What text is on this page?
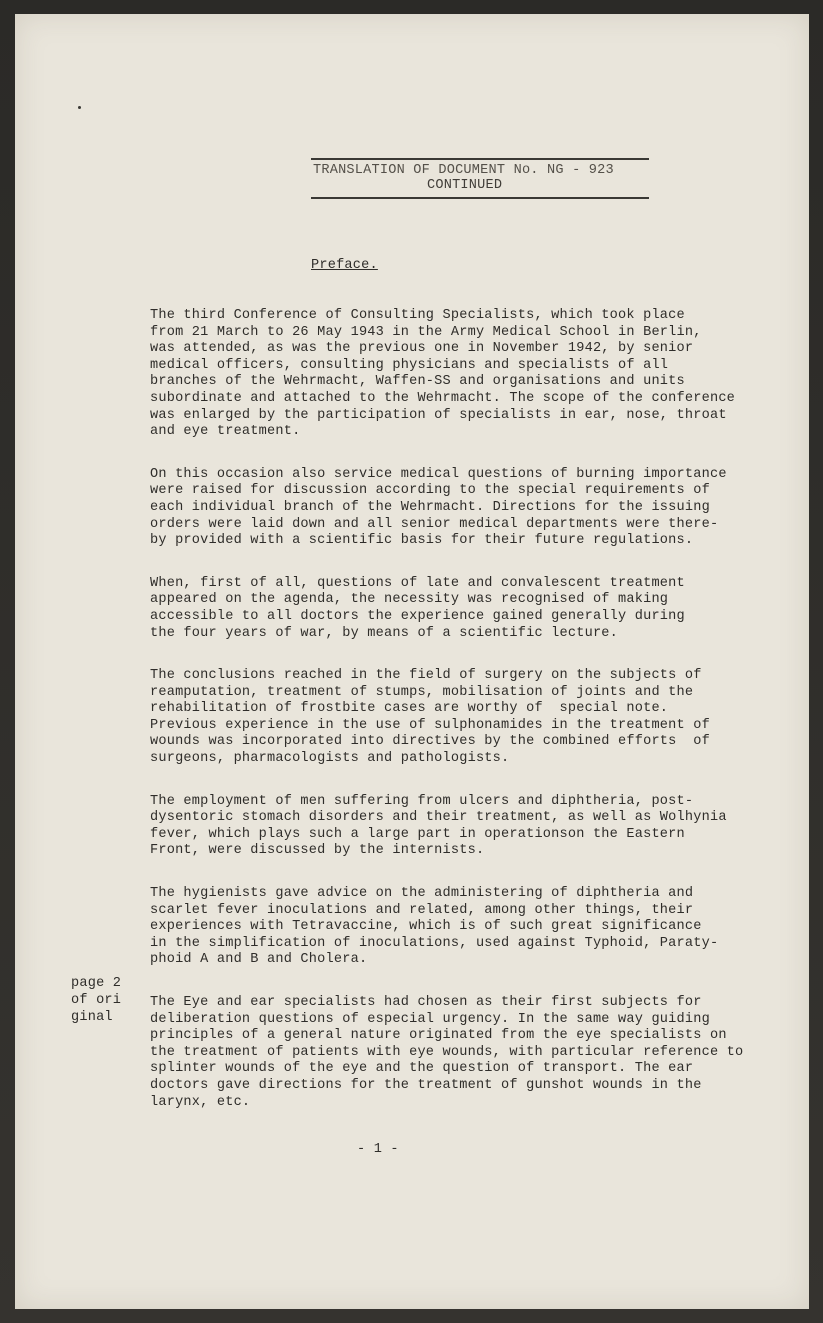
TRANSLATION OF DOCUMENT No. NG - 923
CONTINUED
Preface.

The third Conference of Consulting Specialists, which took place
from 21 March to 26 May 1943 in the Army Medical School in Berlin,
was attended, as was the previous one in November 1942, by senior
medical officers, consulting physicians and specialists of all
branches of the Wehrmacht, Waffen-SS and organisations and units
subordinate and attached to the Wehrmacht. The scope of the conference
was enlarged by the participation of specialists in ear, nose, throat
and eye treatment.

On this occasion also service medical questions of burning importance
were raised for discussion according to the special requirements of
each individual branch of the Wehrmacht. Directions for the issuing
orders were laid down and all senior medical departments were there-
by provided with a scientific basis for their future regulations.

When, first of all, questions of late and convalescent treatment
appeared on the agenda, the necessity was recognised of making
accessible to all doctors the experience gained generally during
the four years of war, by means of a scientific lecture.

The conclusions reached in the field of surgery on the subjects of
reamputation, treatment of stumps, mobilisation of joints and the
rehabilitation of frostbite cases are worthy of  special note.
Previous experience in the use of sulphonamides in the treatment of
wounds was incorporated into directives by the combined efforts  of
surgeons, pharmacologists and pathologists.

The employment of men suffering from ulcers and diphtheria, post-
dysentoric stomach disorders and their treatment, as well as Wolhynia
fever, which plays such a large part in operationson the Eastern
Front, were discussed by the internists.

The hygienists gave advice on the administering of diphtheria and
scarlet fever inoculations and related, among other things, their
experiences with Tetravaccine, which is of such great significance
in the simplification of inoculations, used against Typhoid, Paraty-
phoid A and B and Cholera.

The Eye and ear specialists had chosen as their first subjects for
deliberation questions of especial urgency. In the same way guiding
principles of a general nature originated from the eye specialists on
the treatment of patients with eye wounds, with particular reference to
splinter wounds of the eye and the question of transport. The ear
doctors gave directions for the treatment of gunshot wounds in the
larynx, etc.

page 2
of ori
ginal
- 1 -
